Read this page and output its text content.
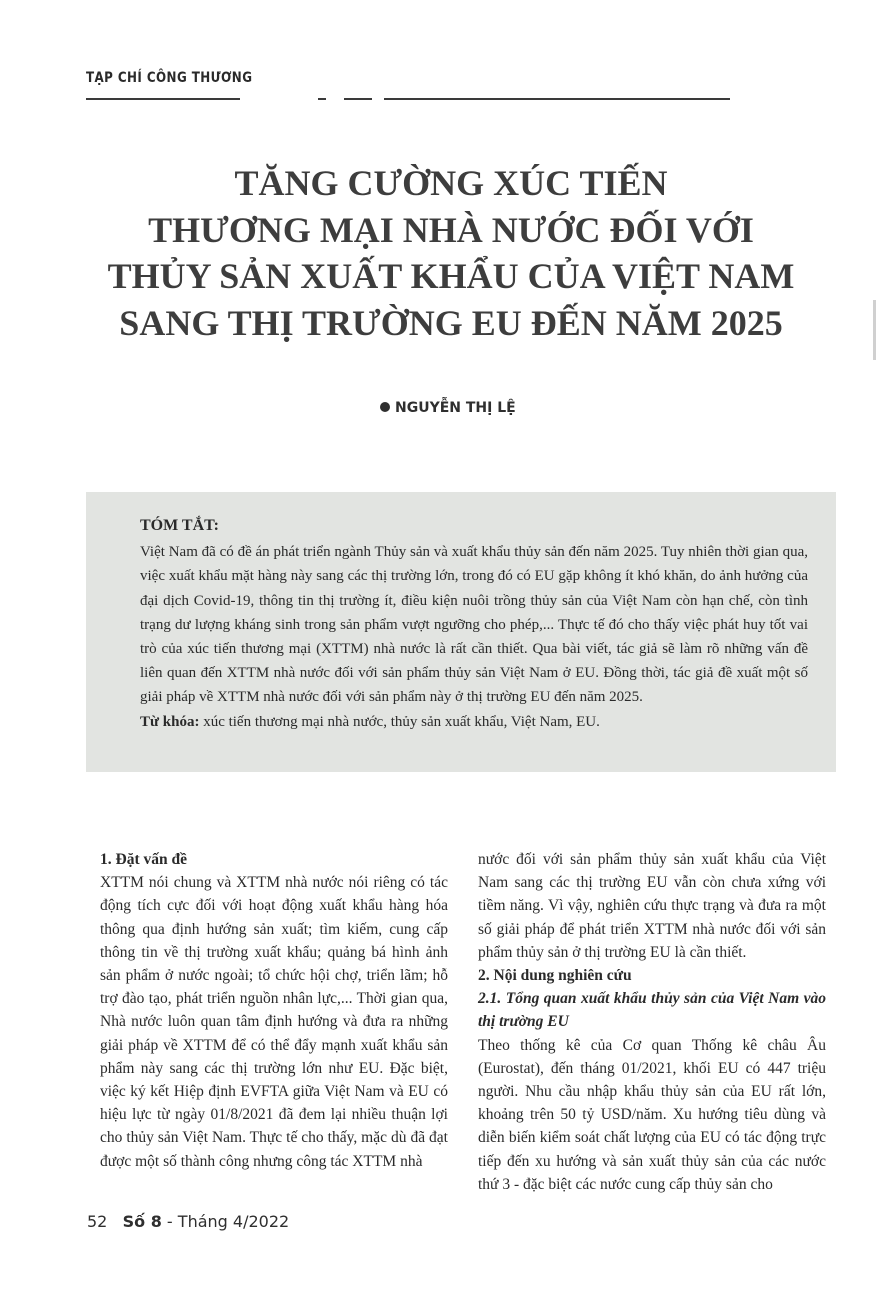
TẠP CHÍ CÔNG THƯƠNG
TĂNG CƯỜNG XÚC TIẾN
THƯƠNG MẠI NHÀ NƯỚC ĐỐI VỚI
THỦY SẢN XUẤT KHẨU CỦA VIỆT NAM
SANG THỊ TRƯỜNG EU ĐẾN NĂM 2025
NGUYỄN THỊ LỆ
TÓM TẮT:
Việt Nam đã có đề án phát triển ngành Thủy sản và xuất khẩu thủy sản đến năm 2025. Tuy nhiên thời gian qua, việc xuất khẩu mặt hàng này sang các thị trường lớn, trong đó có EU gặp không ít khó khăn, do ảnh hưởng của đại dịch Covid-19, thông tin thị trường ít, điều kiện nuôi trồng thủy sản của Việt Nam còn hạn chế, còn tình trạng dư lượng kháng sinh trong sản phẩm vượt ngưỡng cho phép,... Thực tế đó cho thấy việc phát huy tốt vai trò của xúc tiến thương mại (XTTM) nhà nước là rất cần thiết. Qua bài viết, tác giả sẽ làm rõ những vấn đề liên quan đến XTTM nhà nước đối với sản phẩm thủy sản Việt Nam ở EU. Đồng thời, tác giả đề xuất một số giải pháp về XTTM nhà nước đối với sản phẩm này ở thị trường EU đến năm 2025.
Từ khóa: xúc tiến thương mại nhà nước, thủy sản xuất khẩu, Việt Nam, EU.

1. Đặt vấn đề

XTTM nói chung và XTTM nhà nước nói riêng có tác động tích cực đối với hoạt động xuất khẩu hàng hóa thông qua định hướng sản xuất; tìm kiếm, cung cấp thông tin về thị trường xuất khẩu; quảng bá hình ảnh sản phẩm ở nước ngoài; tổ chức hội chợ, triển lãm; hỗ trợ đào tạo, phát triển nguồn nhân lực,... Thời gian qua, Nhà nước luôn quan tâm định hướng và đưa ra những giải pháp về XTTM để có thể đẩy mạnh xuất khẩu sản phẩm này sang các thị trường lớn như EU. Đặc biệt, việc ký kết Hiệp định EVFTA giữa Việt Nam và EU có hiệu lực từ ngày 01/8/2021 đã đem lại nhiều thuận lợi cho thủy sản Việt Nam. Thực tế cho thấy, mặc dù đã đạt được một số thành công nhưng công tác XTTM nhà

nước đối với sản phẩm thủy sản xuất khẩu của Việt Nam sang các thị trường EU vẫn còn chưa xứng với tiềm năng. Vì vậy, nghiên cứu thực trạng và đưa ra một số giải pháp để phát triển XTTM nhà nước đối với sản phẩm thủy sản ở thị trường EU là cần thiết.

2. Nội dung nghiên cứu

2.1. Tổng quan xuất khẩu thủy sản của Việt Nam vào thị trường EU

Theo thống kê của Cơ quan Thống kê châu Âu (Eurostat), đến tháng 01/2021, khối EU có 447 triệu người. Nhu cầu nhập khẩu thủy sản của EU rất lớn, khoảng trên 50 tỷ USD/năm. Xu hướng tiêu dùng và diễn biến kiểm soát chất lượng của EU có tác động trực tiếp đến xu hướng và sản xuất thủy sản của các nước thứ 3 - đặc biệt các nước cung cấp thủy sản cho

52 Số 8 - Tháng 4/2022
